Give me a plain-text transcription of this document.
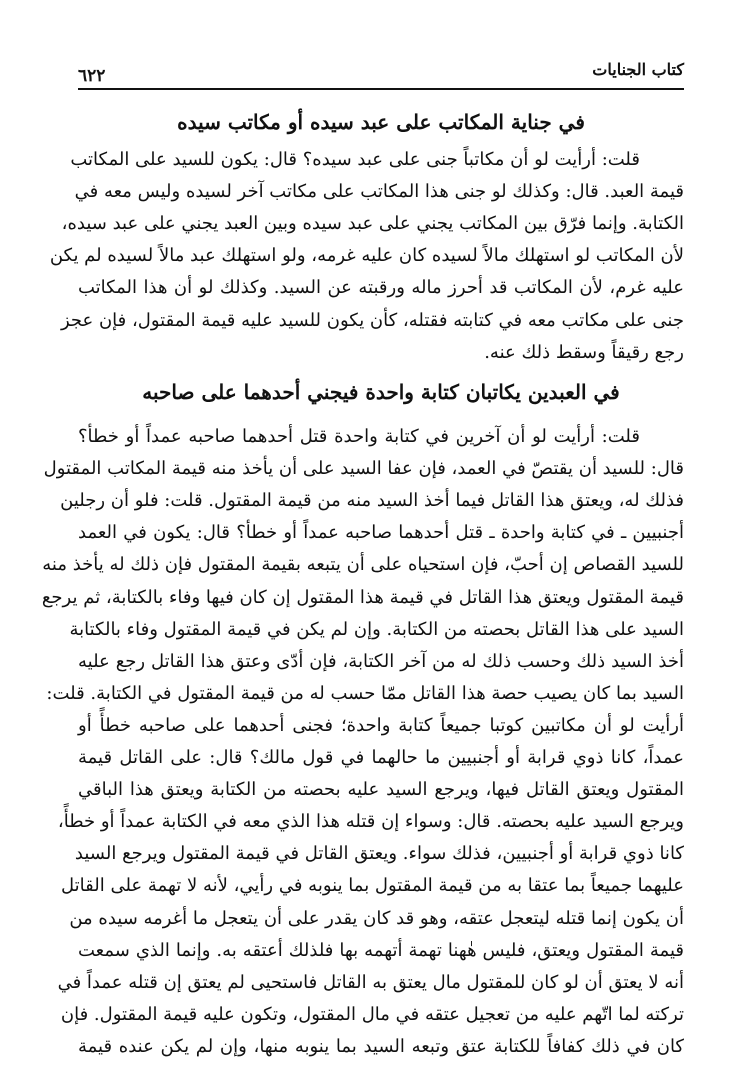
كتاب الجنايات
٦٢٢
في جناية المكاتب على عبد سيده أو مكاتب سيده
قلت: أرأيت لو أن مكاتباً جنى على عبد سيده؟ قال: يكون للسيد على المكاتب
قيمة العبد. قال: وكذلك لو جنى هذا المكاتب على مكاتب آخر لسيده وليس معه في
الكتابة. وإنما فرّق بين المكاتب يجني على عبد سيده وبين العبد يجني على عبد سيده،
لأن المكاتب لو استهلك مالاً لسيده كان عليه غرمه، ولو استهلك عبد مالاً لسيده لم يكن
عليه غرم، لأن المكاتب قد أحرز ماله ورقبته عن السيد. وكذلك لو أن هذا المكاتب
جنى على مكاتب معه في كتابته فقتله، كأن يكون للسيد عليه قيمة المقتول، فإن عجز
رجع رقيقاً وسقط ذلك عنه.
في العبدين يكاتبان كتابة واحدة فيجني أحدهما على صاحبه
قلت: أرأيت لو أن آخرين في كتابة واحدة قتل أحدهما صاحبه عمداً أو خطأ؟
قال: للسيد أن يقتصّ في العمد، فإن عفا السيد على أن يأخذ منه قيمة المكاتب المقتول
فذلك له، ويعتق هذا القاتل فيما أخذ السيد منه من قيمة المقتول. قلت: فلو أن رجلين
أجنبيين ـ في كتابة واحدة ـ قتل أحدهما صاحبه عمداً أو خطأ؟ قال: يكون في العمد
للسيد القصاص إن أحبّ، فإن استحياه على أن يتبعه بقيمة المقتول فإن ذلك له يأخذ منه
قيمة المقتول ويعتق هذا القاتل في قيمة هذا المقتول إن كان فيها وفاء بالكتابة، ثم يرجع
السيد على هذا القاتل بحصته من الكتابة. وإن لم يكن في قيمة المقتول وفاء بالكتابة
أخذ السيد ذلك وحسب ذلك له من آخر الكتابة، فإن أدّى وعتق هذا القاتل رجع عليه
السيد بما كان يصيب حصة هذا القاتل ممّا حسب له من قيمة المقتول في الكتابة. قلت:
أرأيت لو أن مكاتبين كوتبا جميعاً كتابة واحدة؛ فجنى أحدهما على صاحبه خطأً أو
عمداً، كانا ذوي قرابة أو أجنبيين ما حالهما في قول مالك؟ قال: على القاتل قيمة
المقتول ويعتق القاتل فيها، ويرجع السيد عليه بحصته من الكتابة ويعتق هذا الباقي
ويرجع السيد عليه بحصته. قال: وسواء إن قتله هذا الذي معه في الكتابة عمداً أو خطأً،
كانا ذوي قرابة أو أجنبيين، فذلك سواء. ويعتق القاتل في قيمة المقتول ويرجع السيد
عليهما جميعاً بما عتقا به من قيمة المقتول بما ينوبه في رأيي، لأنه لا تهمة على القاتل
أن يكون إنما قتله ليتعجل عتقه، وهو قد كان يقدر على أن يتعجل ما أغرمه سيده من
قيمة المقتول ويعتق، فليس هٰهنا تهمة أتهمه بها فلذلك أعتقه به. وإنما الذي سمعت
أنه لا يعتق أن لو كان للمقتول مال يعتق به القاتل فاستحيى لم يعتق إن قتله عمداً في
تركته لما اتّهم عليه من تعجيل عتقه في مال المقتول، وتكون عليه قيمة المقتول. فإن
كان في ذلك كفافاً للكتابة عتق وتبعه السيد بما ينوبه منها، وإن لم يكن عنده قيمة
